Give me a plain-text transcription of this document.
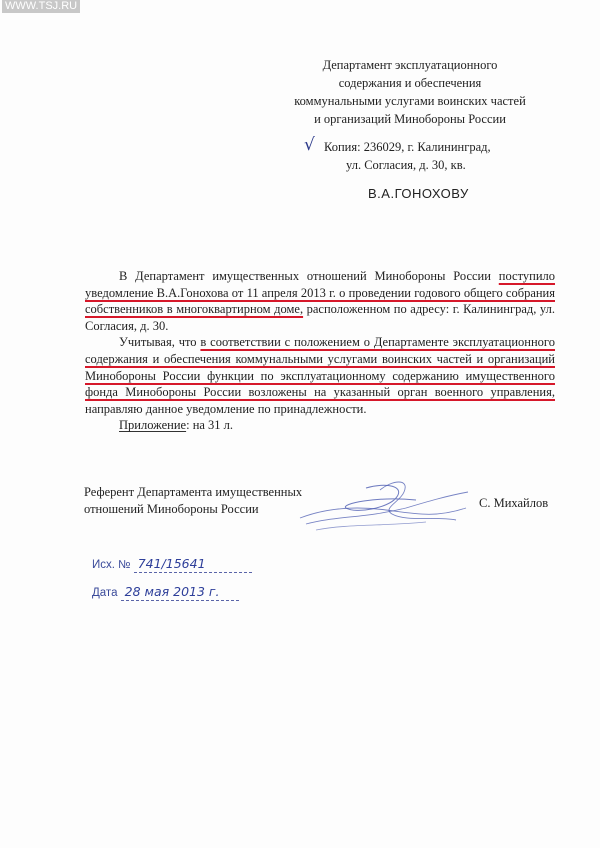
WWW.TSJ.RU
Департамент эксплуатационного
содержания и обеспечения
коммунальными услугами воинских частей
и организаций Минобороны России
√ Копия: 236029, г. Калининград,
ул. Согласия, д. 30, кв.
В.А.ГОНОХОВУ

В Департамент имущественных отношений Минобороны России поступило уведомление В.А.Гонохова от 11 апреля 2013 г. о проведении годового общего собрания собственников в многоквартирном доме, расположенном по адресу: г. Калининград, ул. Согласия, д. 30.

Учитывая, что в соответствии с положением о Департаменте эксплуатационного содержания и обеспечения коммунальными услугами воинских частей и организаций Минобороны России функции по эксплуатационному содержанию имущественного фонда Минобороны России возложены на указанный орган военного управления, направляю данное уведомление по принадлежности.

Приложение: на 31 л.

Референт Департамента имущественных
отношений Минобороны России	С. Михайлов
Исх. № 741/15641
Дата 28 мая 2013 г.
